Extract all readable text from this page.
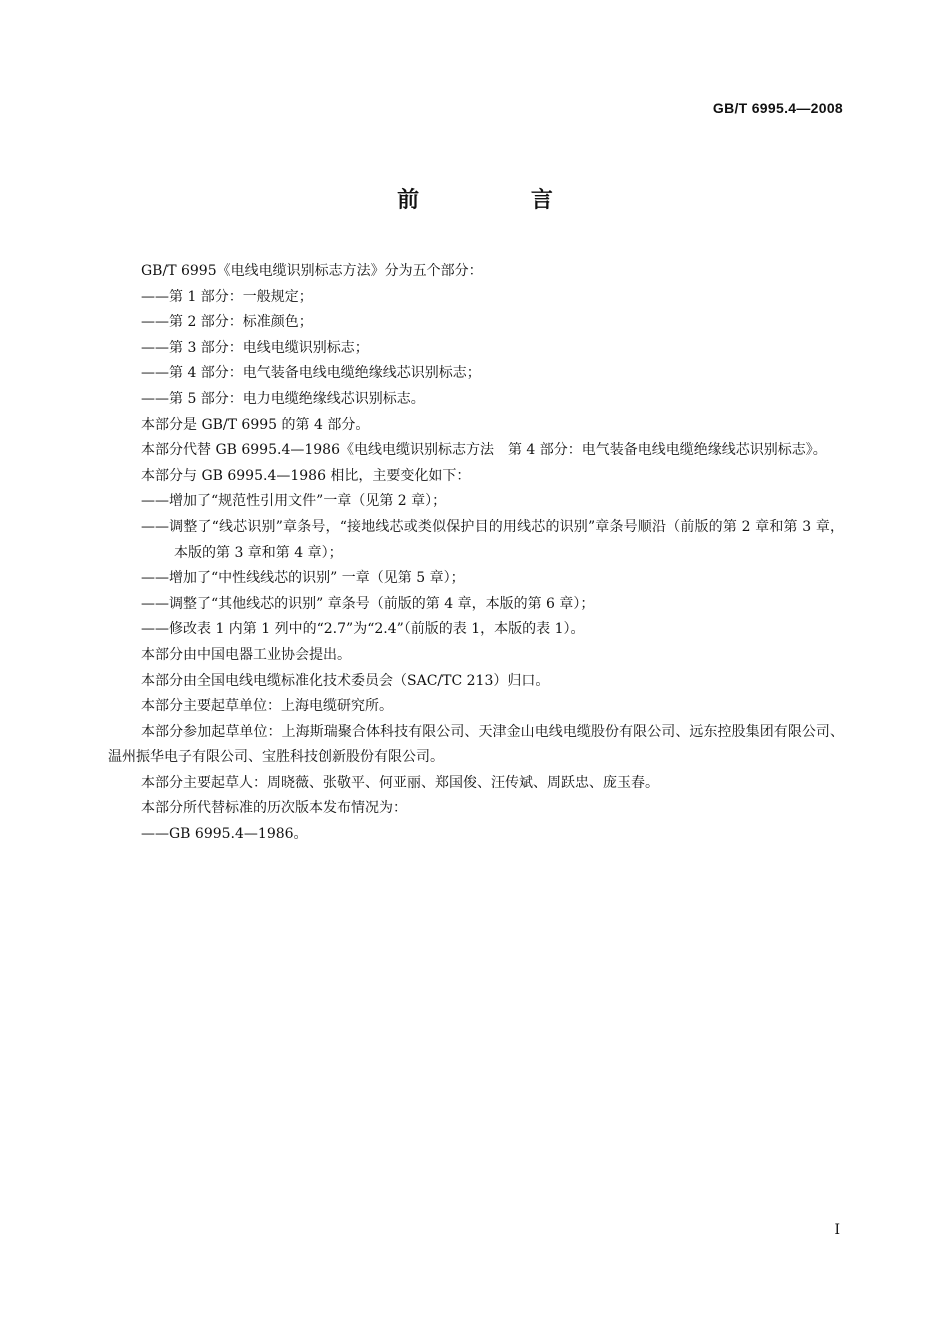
GB/T 6995.4—2008
前 言

GB/T 6995《电线电缆识别标志方法》分为五个部分：

——第 1 部分：一般规定；

——第 2 部分：标准颜色；

——第 3 部分：电线电缆识别标志；

——第 4 部分：电气装备电线电缆绝缘线芯识别标志；

——第 5 部分：电力电缆绝缘线芯识别标志。

本部分是 GB/T 6995 的第 4 部分。

本部分代替 GB 6995.4—1986《电线电缆识别标志方法　第 4 部分：电气装备电线电缆绝缘线芯识别标志》。

本部分与 GB 6995.4—1986 相比，主要变化如下：

——增加了“规范性引用文件”一章（见第 2 章）；

——调整了“线芯识别”章条号，“接地线芯或类似保护目的用线芯的识别”章条号顺沿（前版的第 2 章和第 3 章，本版的第 3 章和第 4 章）；

——增加了“中性线线芯的识别” 一章（见第 5 章）；

——调整了“其他线芯的识别” 章条号（前版的第 4 章，本版的第 6 章）；

——修改表 1 内第 1 列中的“2.7”为“2.4”（前版的表 1，本版的表 1）。

本部分由中国电器工业协会提出。

本部分由全国电线电缆标准化技术委员会（SAC/TC 213）归口。

本部分主要起草单位：上海电缆研究所。

本部分参加起草单位：上海斯瑞聚合体科技有限公司、天津金山电线电缆股份有限公司、远东控股集团有限公司、温州振华电子有限公司、宝胜科技创新股份有限公司。

本部分主要起草人：周晓薇、张敬平、何亚丽、郑国俊、汪传斌、周跃忠、庞玉春。

本部分所代替标准的历次版本发布情况为：

——GB 6995.4—1986。

I
